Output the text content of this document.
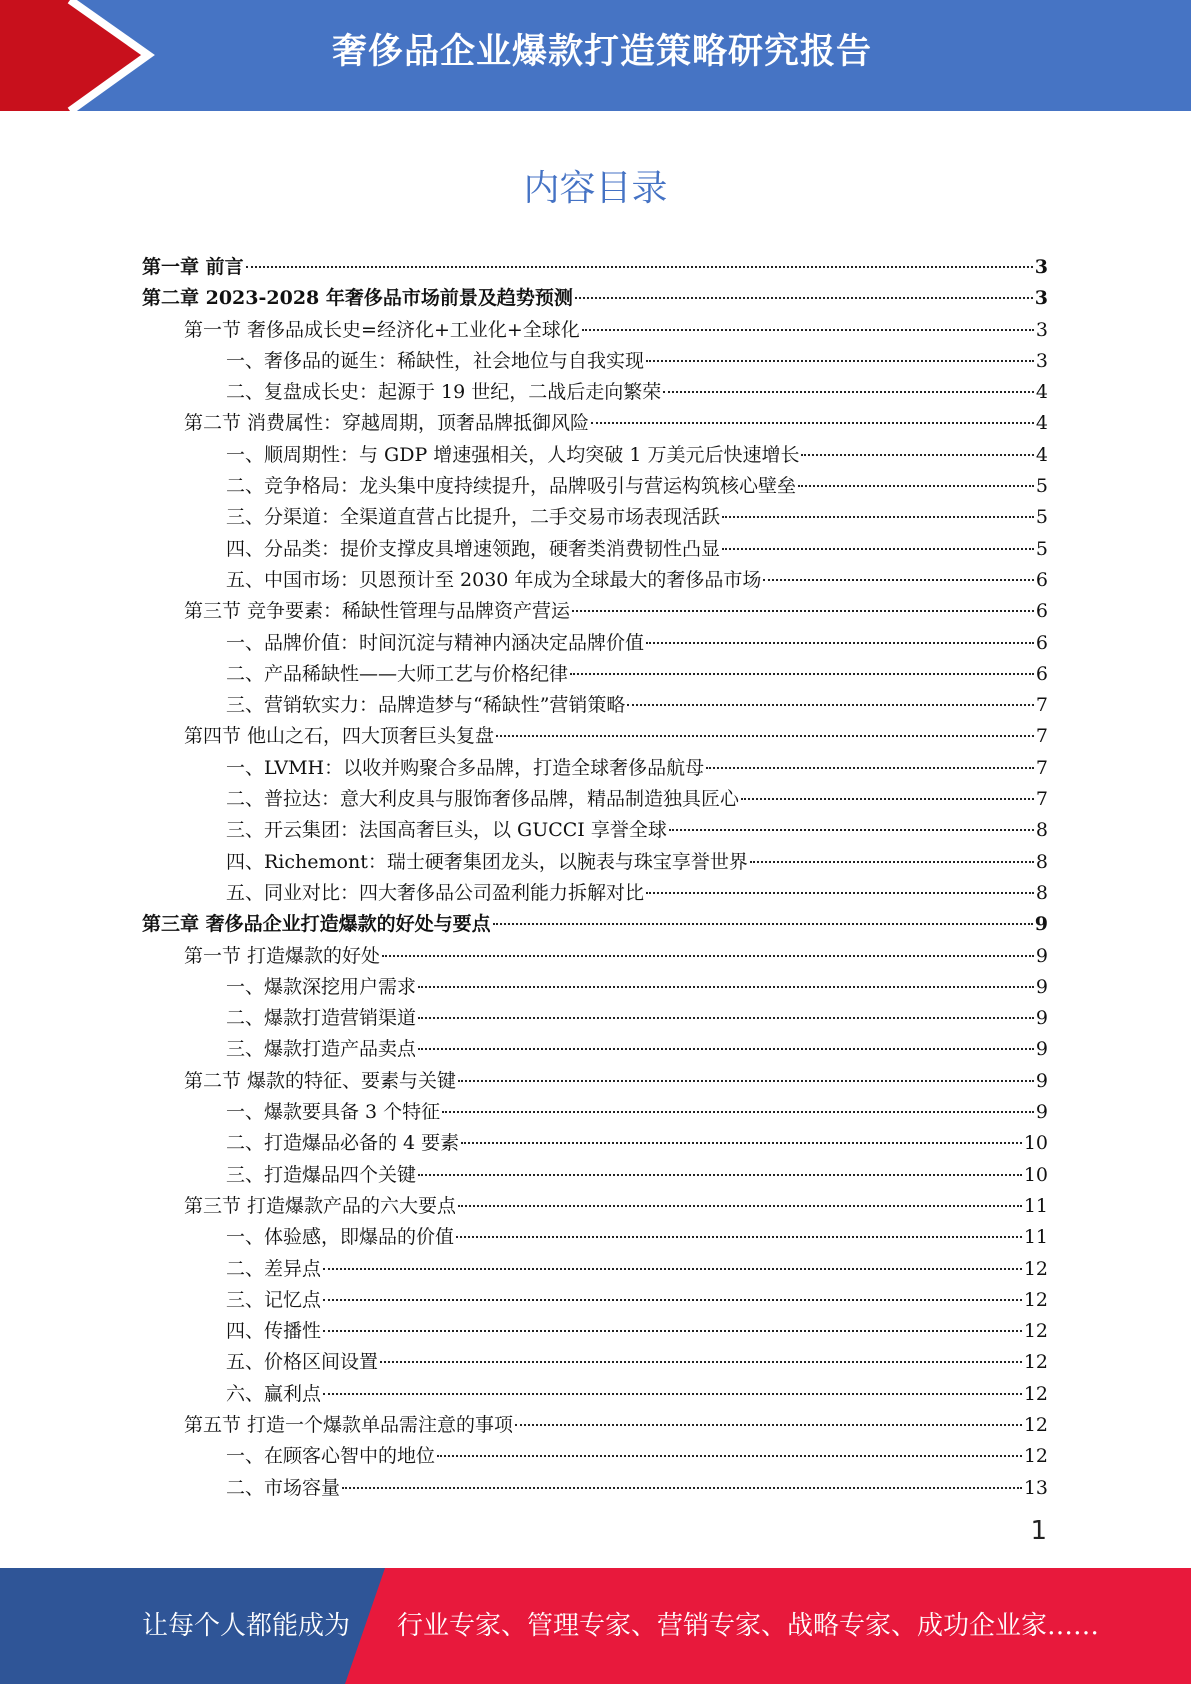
奢侈品企业爆款打造策略研究报告
内容目录
第一章 前言	3
第二章 2023-2028 年奢侈品市场前景及趋势预测	3
第一节 奢侈品成长史=经济化+工业化+全球化	3
一、奢侈品的诞生：稀缺性，社会地位与自我实现	3
二、复盘成长史：起源于 19 世纪，二战后走向繁荣	4
第二节 消费属性：穿越周期，顶奢品牌抵御风险	4
一、顺周期性：与 GDP 增速强相关，人均突破 1 万美元后快速增长	4
二、竞争格局：龙头集中度持续提升，品牌吸引与营运构筑核心壁垒	5
三、分渠道：全渠道直营占比提升，二手交易市场表现活跃	5
四、分品类：提价支撑皮具增速领跑，硬奢类消费韧性凸显	5
五、中国市场：贝恩预计至 2030 年成为全球最大的奢侈品市场	6
第三节 竞争要素：稀缺性管理与品牌资产营运	6
一、品牌价值：时间沉淀与精神内涵决定品牌价值	6
二、产品稀缺性——大师工艺与价格纪律	6
三、营销软实力：品牌造梦与“稀缺性”营销策略	7
第四节 他山之石，四大顶奢巨头复盘	7
一、LVMH：以收并购聚合多品牌，打造全球奢侈品航母	7
二、普拉达：意大利皮具与服饰奢侈品牌，精品制造独具匠心	7
三、开云集团：法国高奢巨头，以 GUCCI 享誉全球	8
四、Richemont：瑞士硬奢集团龙头，以腕表与珠宝享誉世界	8
五、同业对比：四大奢侈品公司盈利能力拆解对比	8
第三章 奢侈品企业打造爆款的好处与要点	9
第一节 打造爆款的好处	9
一、爆款深挖用户需求	9
二、爆款打造营销渠道	9
三、爆款打造产品卖点	9
第二节 爆款的特征、要素与关键	9
一、爆款要具备 3 个特征	9
二、打造爆品必备的 4 要素	10
三、打造爆品四个关键	10
第三节 打造爆款产品的六大要点	11
一、体验感，即爆品的价值	11
二、差异点	12
三、记忆点	12
四、传播性	12
五、价格区间设置	12
六、赢利点	12
第五节 打造一个爆款单品需注意的事项	12
一、在顾客心智中的地位	12
二、市场容量	13
1
让每个人都能成为 行业专家、管理专家、营销专家、战略专家、成功企业家……
